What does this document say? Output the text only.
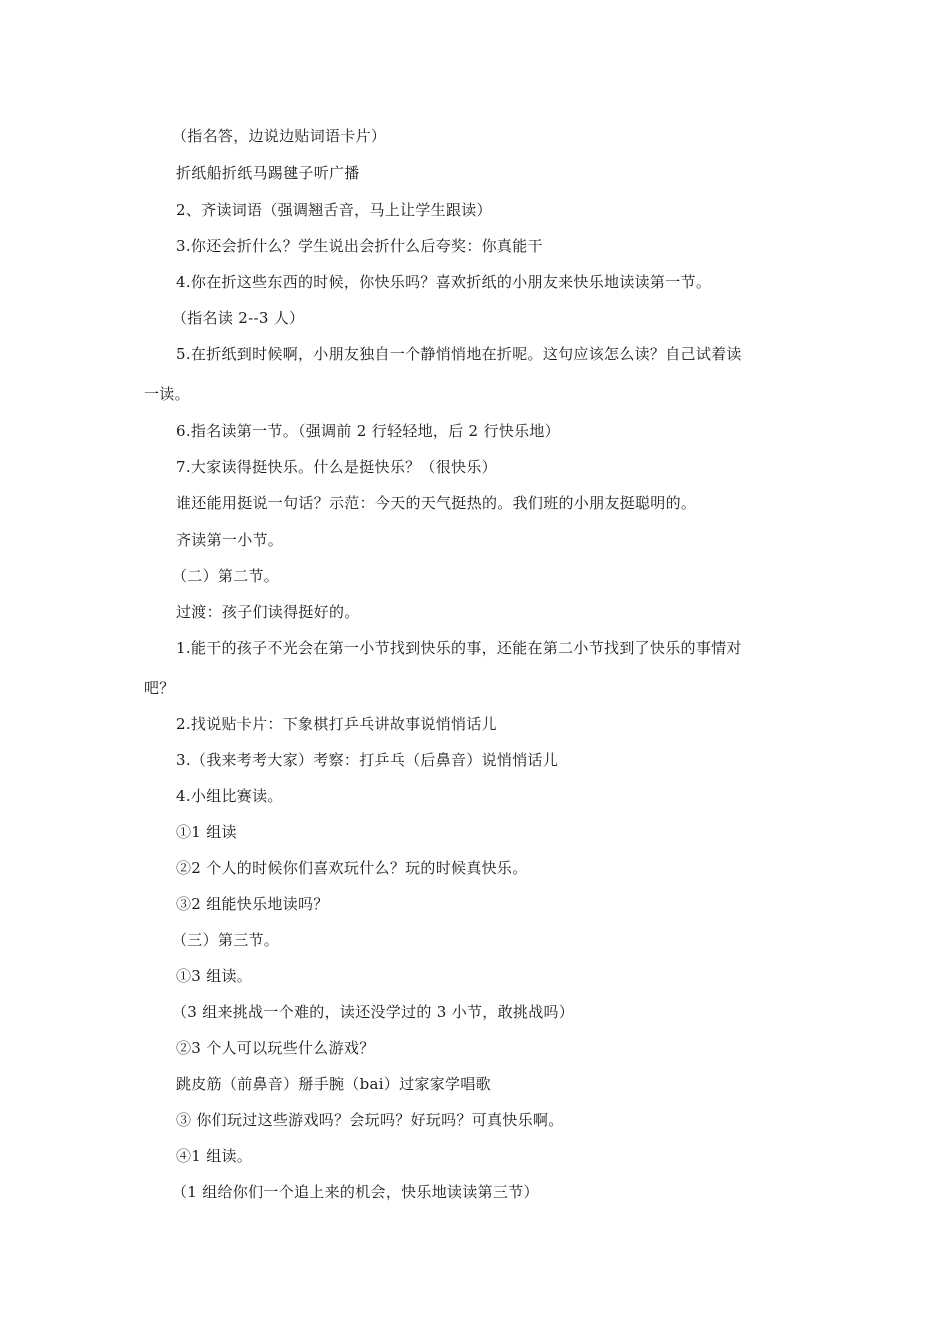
（指名答，边说边贴词语卡片）
折纸船折纸马踢毽子听广播
2、齐读词语（强调翘舌音，马上让学生跟读）
3.你还会折什么？学生说出会折什么后夸奖：你真能干
4.你在折这些东西的时候，你快乐吗？喜欢折纸的小朋友来快乐地读读第一节。
（指名读 2--3 人）
5.在折纸到时候啊，小朋友独自一个静悄悄地在折呢。这句应该怎么读？自己试着读
一读。
6.指名读第一节。（强调前 2 行轻轻地，后 2 行快乐地）
7.大家读得挺快乐。什么是挺快乐？（很快乐）
谁还能用挺说一句话？示范：今天的天气挺热的。我们班的小朋友挺聪明的。
齐读第一小节。
（二）第二节。
过渡：孩子们读得挺好的。
1.能干的孩子不光会在第一小节找到快乐的事，还能在第二小节找到了快乐的事情对
吧？
2.找说贴卡片：下象棋打乒乓讲故事说悄悄话儿
3.（我来考考大家）考察：打乒乓（后鼻音）说悄悄话儿
4.小组比赛读。
①1 组读
②2 个人的时候你们喜欢玩什么？玩的时候真快乐。
③2 组能快乐地读吗？
（三）第三节。
①3 组读。
（3 组来挑战一个难的，读还没学过的 3 小节，敢挑战吗）
②3 个人可以玩些什么游戏？
跳皮筋（前鼻音）掰手腕（bai）过家家学唱歌
③ 你们玩过这些游戏吗？会玩吗？好玩吗？可真快乐啊。
④1 组读。
（1 组给你们一个追上来的机会，快乐地读读第三节）
